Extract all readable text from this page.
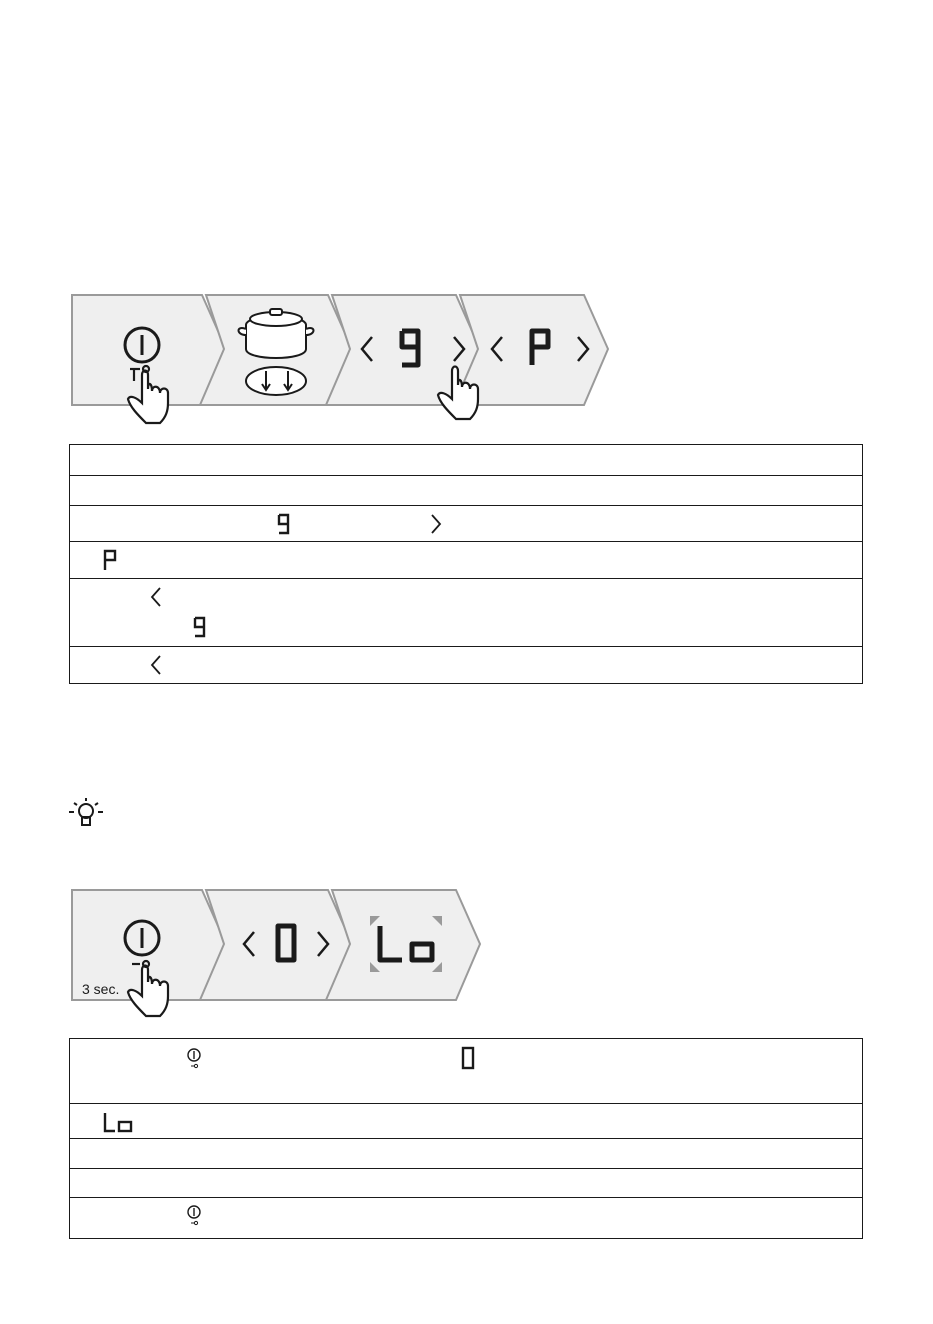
3 sec.
